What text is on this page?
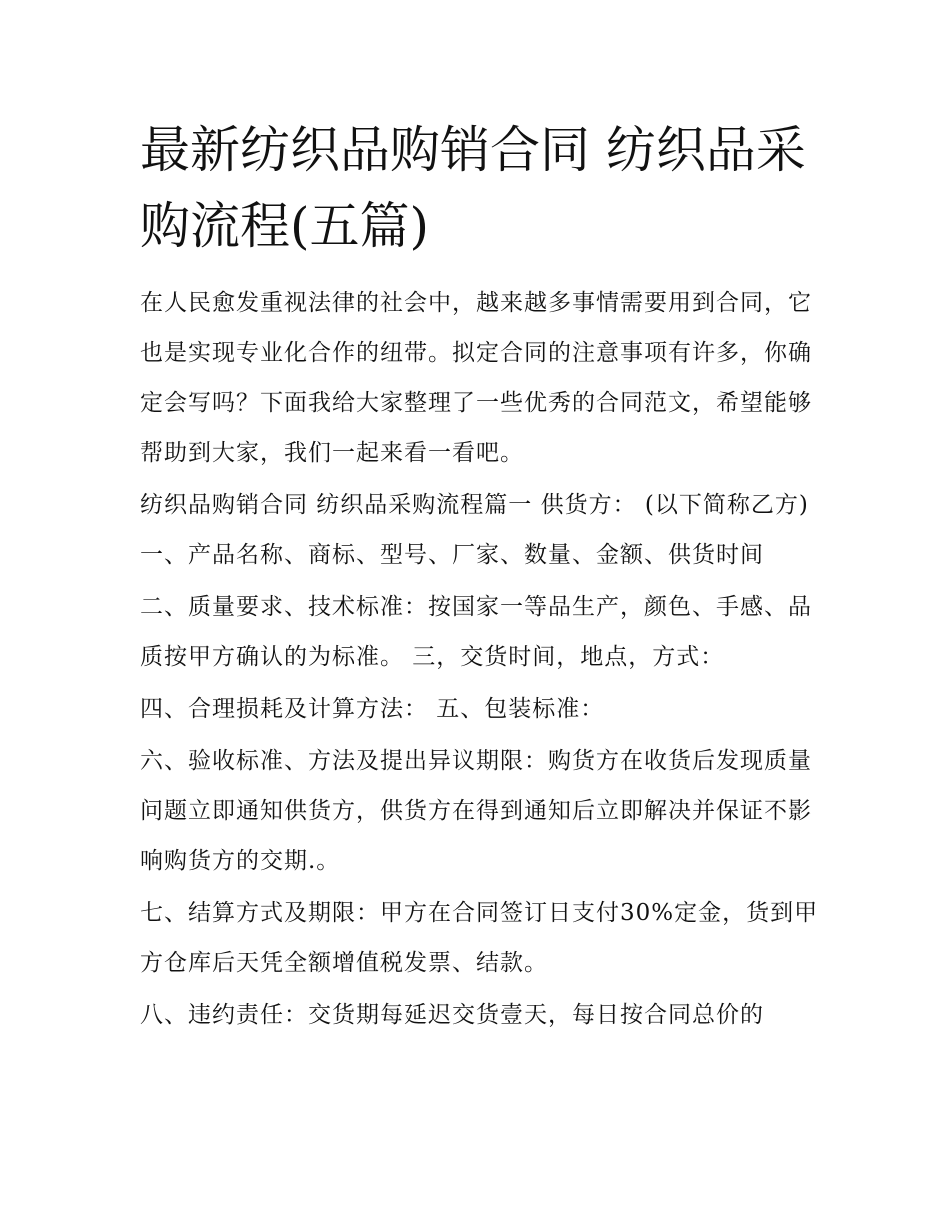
最新纺织品购销合同 纺织品采购流程(五篇)

在人民愈发重视法律的社会中，越来越多事情需要用到合同，它也是实现专业化合作的纽带。拟定合同的注意事项有许多，你确定会写吗？下面我给大家整理了一些优秀的合同范文，希望能够帮助到大家，我们一起来看一看吧。

纺织品购销合同 纺织品采购流程篇一 供货方： (以下简称乙方) 一、产品名称、商标、型号、厂家、数量、金额、供货时间

二、质量要求、技术标准：按国家一等品生产，颜色、手感、品质按甲方确认的为标准。 三，交货时间，地点，方式：

四、合理损耗及计算方法： 五、包装标准：

六、验收标准、方法及提出异议期限：购货方在收货后发现质量问题立即通知供货方，供货方在得到通知后立即解决并保证不影响购货方的交期.。

七、结算方式及期限：甲方在合同签订日支付30%定金，货到甲方仓库后天凭全额增值税发票、结款。

八、违约责任：交货期每延迟交货壹天，每日按合同总价的
